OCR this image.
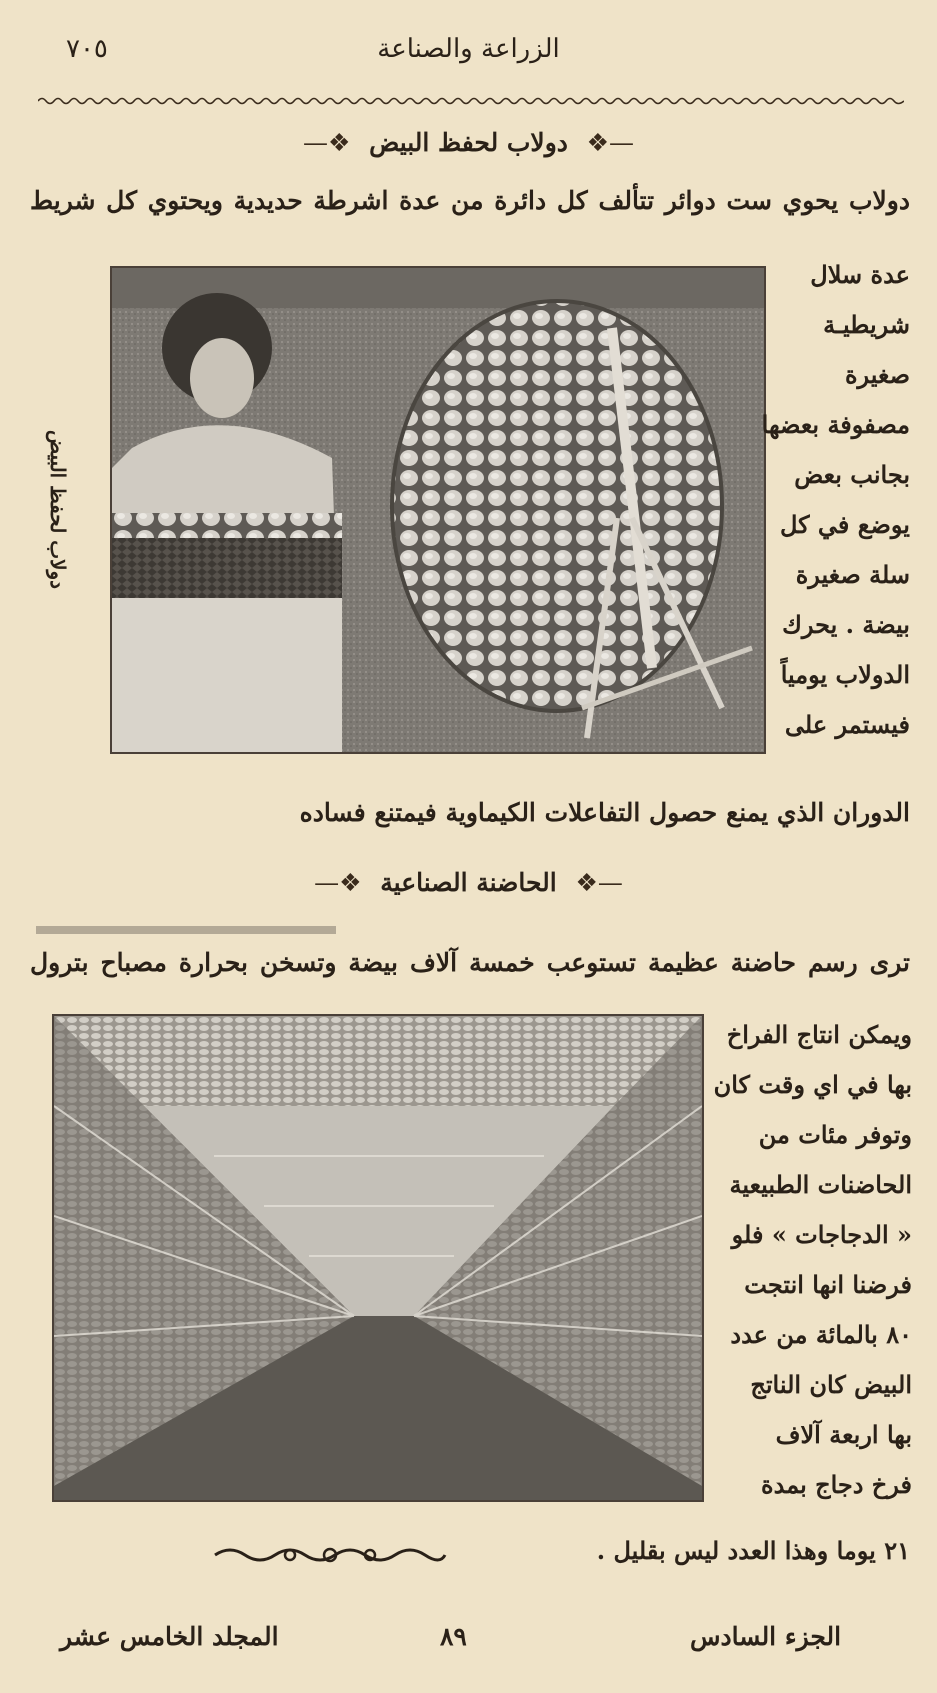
الزراعة والصناعة
٧٠٥
—❖ دولاب لحفظ البيض ❖—
دولاب يحوي ست دوائر تتألف كل دائرة من عدة اشرطة حديدية ويحتوي كل شريط
عدة سلال
شريطيـة
صغيرة
مصفوفة بعضها
بجانب بعض
يوضع في كل
سلة صغيرة
بيضة . يحرك
الدولاب يومياً
فيستمر على
دولاب لحفظ البيض
الدوران الذي يمنع حصول التفاعلات الكيماوية فيمتنع فساده
—❖ الحاضنة الصناعية ❖—
ترى رسم حاضنة عظيمة تستوعب خمسة آلاف بيضة وتسخن بحرارة مصباح بترول
ويمكن انتاج الفراخ
بها في اي وقت كان
وتوفر مئات من
الحاضنات الطبيعية
« الدجاجات » فلو
فرضنا انها انتجت
٨٠ بالمائة من عدد
البيض كان الناتج
بها اربعة آلاف
فرخ دجاج بمدة
٢١ يوما وهذا العدد ليس بقليل .
المجلد الخامس عشر	٨٩	الجزء السادس
